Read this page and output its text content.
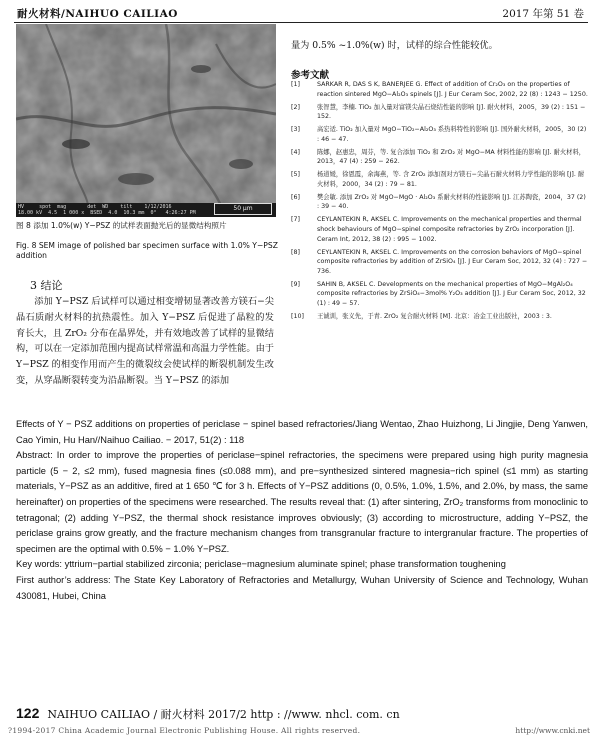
耐火材料/NAIHUO CAILIAO	2017 年第 51 卷
HV     spot  mag       det  WD    tilt    1/12/2016
18.00 kV  4.5  1 000 x  BSED  4.0  10.3 mm  0°   4:26:27 PM
50 μm
图 8 添加 1.0%(w) Y−PSZ 的试样表面抛光后的显微结构照片
Fig. 8 SEM image of polished bar specimen surface with 1.0% Y−PSZ addition
3 结论
添加 Y−PSZ 后试样可以通过相变增韧显著改善方镁石−尖晶石质耐火材料的抗热震性。加入 Y−PSZ 后促进了晶粒的发育长大，且 ZrO₂ 分布在晶界处，并有效地改善了试样的显微结构，可以在一定添加范围内提高试样常温和高温力学性能。由于 Y−PSZ 的相变作用而产生的微裂纹会使试样的断裂机制发生改变，从穿晶断裂转变为沿晶断裂。当 Y−PSZ 的添加
量为 0.5% ~1.0%(w) 时，试样的综合性能较优。
参考文献
[1]	SARKAR R, DAS S K, BANERJEE G. Effect of addition of Cr₂O₃ on the properties of reaction sintered MgO−Al₂O₃ spinels [J]. J Eur Ceram Soc, 2002, 22 (8) : 1243 − 1250.
[2]	张智慧，李楠. TiO₂ 加入量对富镁尖晶石烧结性能的影响 [J]. 耐火材料，2005，39 (2) : 151 − 152.
[3]	高宏适. TiO₂ 加入量对 MgO−TiO₂−Al₂O₃ 系热料特性的影响 [J]. 国外耐火材料，2005，30 (2) : 46 − 47.
[4]	陈娜，赵惠忠，周芬，等. 复合添加 TiO₂ 和 ZrO₂ 对 MgO−MA 材料性能的影响 [J]. 耐火材料，2013，47 (4) : 259 − 262.
[5]	杨道媛，徐恩霞，余海燕，等. 含 ZrO₂ 添加剂对方镁石−尖晶石耐火材料力学性能的影响 [J]. 耐火材料，2000，34 (2) : 79 − 81.
[6]	樊会敏. 添加 ZrO₂ 对 MgO−MgO · Al₂O₃ 系耐火材料的性能影响 [J]. 江苏陶瓷，2004，37 (2) : 39 − 40.
[7]	CEYLANTEKIN R, AKSEL C. Improvements on the mechanical properties and thermal shock behaviours of MgO−spinel composite refractories by ZrO₂ incorporation [J]. Ceram Int, 2012, 38 (2) : 995 − 1002.
[8]	CEYLANTEKIN R, AKSEL C. Improvements on the corrosion behaviors of MgO−spinel composite refractories by addition of ZrSiO₄ [J]. J Eur Ceram Soc, 2012, 32 (4) : 727 − 736.
[9]	SAHIN B, AKSEL C. Developments on the mechanical properties of MgO−MgAl₂O₄ composite refractories by ZrSiO₄−3mol% Y₂O₃ addition [J]. J Eur Ceram Soc, 2012, 32 (1) : 49 − 57.
[10]	王诚训，张义先，于青. ZrO₂ 复合耐火材料 [M]. 北京：冶金工业出版社，2003 : 3.

Effects of Y − PSZ additions on properties of periclase − spinel based refractories/Jiang Wentao, Zhao Huizhong, Li Jingjie, Deng Yanwen, Cao Yimin, Hu Han//Naihuo Cailiao. − 2017, 51(2) : 118

Abstract: In order to improve the properties of periclase−spinel refractories, the specimens were prepared using high purity magnesia particle (5 − 2, ≤2 mm), fused magnesia fines (≤0.088 mm), and pre−synthesized sintered magnesia−rich spinel (≤1 mm) as starting materials, Y−PSZ as an additive, fired at 1 650 ℃ for 3 h. Effects of Y−PSZ additions (0, 0.5%, 1.0%, 1.5%, and 2.0%, by mass, the same hereinafter) on properties of the specimens were researched. The results reveal that: (1) after sintering, ZrO₂ transforms from monoclinic to tetragonal; (2) adding Y−PSZ, the thermal shock resistance improves obviously; (3) according to microstructure, adding Y−PSZ, the periclase grains grow greatly, and the fracture mechanism changes from transgranular fracture to intergranular fracture. The properties of specimen are the optimal with 0.5% − 1.0% Y−PSZ.

Key words: yttrium−partial stabilized zirconia; periclase−magnesium aluminate spinel; phase transformation toughening

First author’s address: The State Key Laboratory of Refractories and Metallurgy, Wuhan University of Science and Technology, Wuhan 430081, Hubei, China

122 NAIHUO CAILIAO / 耐火材料 2017/2 http : //www. nhcl. com. cn
?1994-2017 China Academic Journal Electronic Publishing House. All rights reserved.	http://www.cnki.net
